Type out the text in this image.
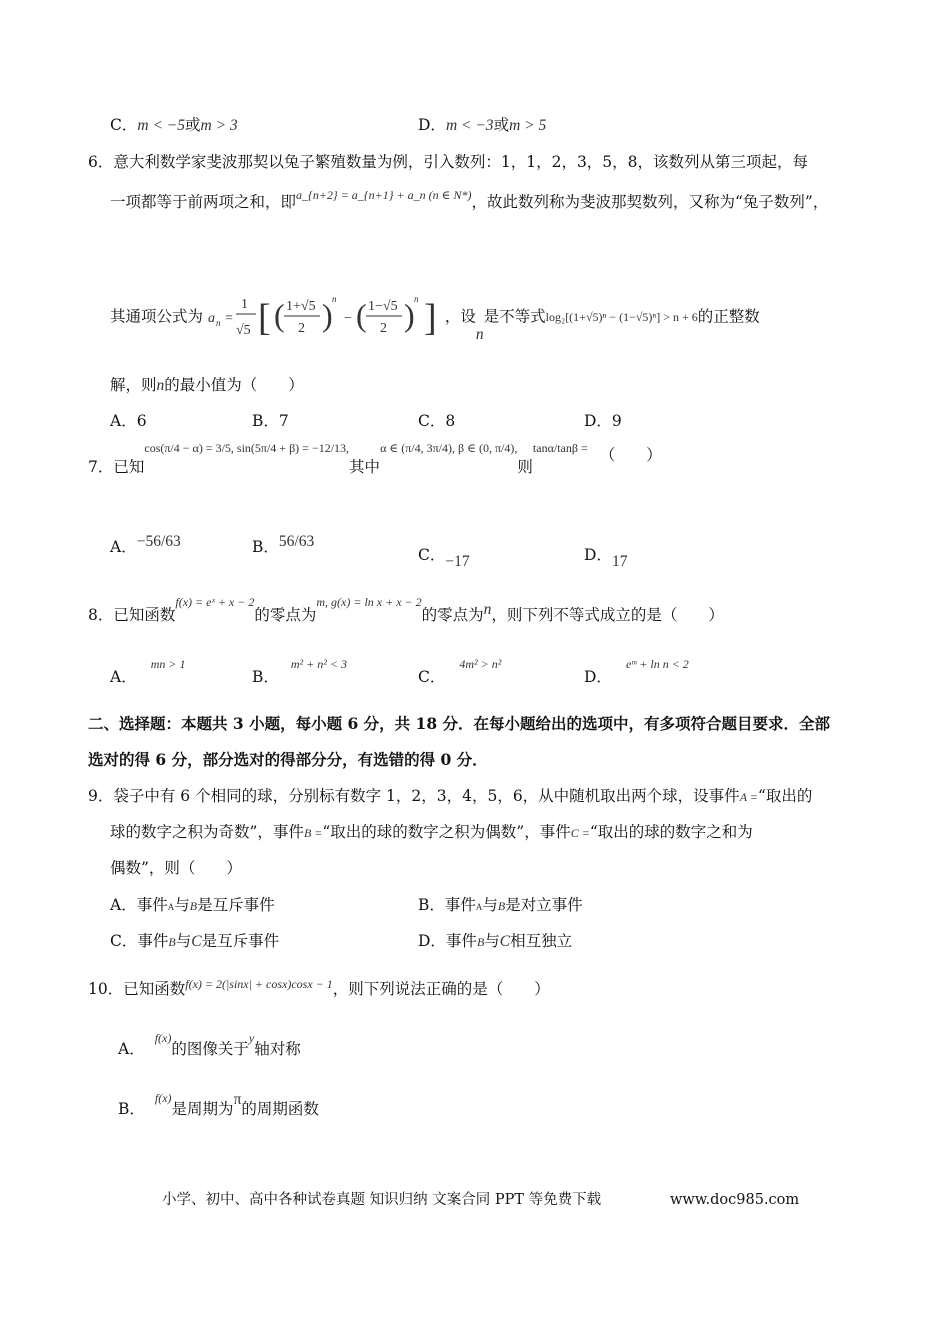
C．m < −5或m > 3	D．m < −3或m > 5
6．意大利数学家斐波那契以兔子繁殖数量为例，引入数列：1，1，2，3，5，8，该数列从第三项起，每
一项都等于前两项之和，即$^{a\_\{n+2\} = a\_\{n+1\} + a\_n (n \in N*)}$，故此数列称为斐波那契数列，又称为“兔子数列”，
其通项公式为 a n =
1
√5 [ ( 1+√5
2 ) n
− ( 1−√5
2 ) n ] ，设n是不等式log₂[(1+√5)ⁿ − (1−√5)ⁿ] > n + 6的正整数
解，则n的最小值为（　　）
A．6	B．7	C．8	D．9
7．已知$^{cos(\pi/4 - \alpha) = 3/5, sin(5\pi/4 + \beta) = -12/13,}$其中$^{\alpha \in (\pi/4, 3\pi/4), \beta \in (0, \pi/4),}$则$^{tan\alpha/tan\beta =}$ （　　）
A．−56/63	B．56/63
C．−17	D．17
8．已知函数f(x) = eˣ + x − 2的零点为m, g(x) = ln x + x − 2的零点为n，则下列不等式成立的是（　　）
A．mn > 1
B．m² + n² < 3
C．4m² > n²
D．eᵐ + ln n < 2
二、选择题：本题共 3 小题，每小题 6 分，共 18 分．在每小题给出的选项中，有多项符合题目要求．全部
选对的得 6 分，部分选对的得部分分，有选错的得 0 分．
9．袋子中有 6 个相同的球，分别标有数字 1，2，3，4，5，6，从中随机取出两个球，设事件A =“取出的
球的数字之积为奇数”，事件B =“取出的球的数字之积为偶数”，事件C =“取出的球的数字之和为
偶数”，则（　　）
A．事件A与B是互斥事件	B．事件A与B是对立事件
C．事件B与C是互斥事件	D．事件B与C相互独立
10．已知函数f(x) = 2(|sinx| + cosx)cosx − 1，则下列说法正确的是（　　）
A．f(x)的图像关于y轴对称
B．f(x)是周期为π的周期函数
小学、初中、高中各种试卷真题 知识归纳 文案合同 PPT 等免费下载	www.doc985.com
